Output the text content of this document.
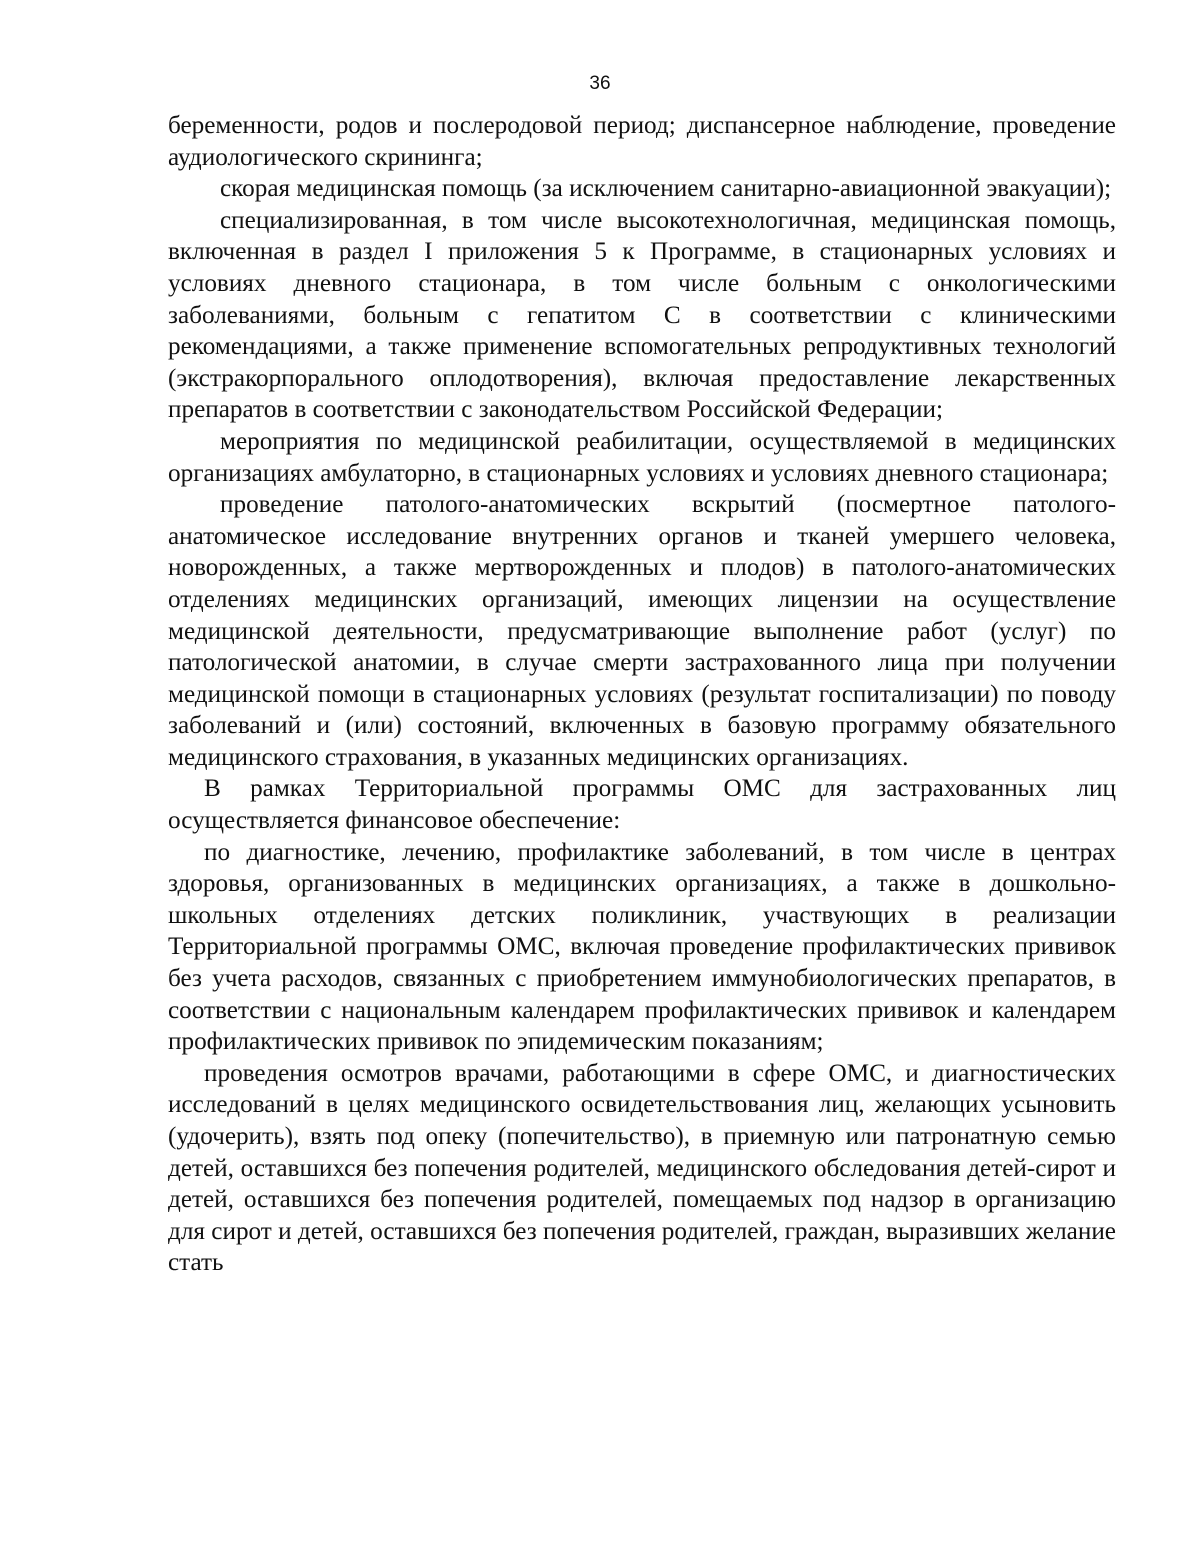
36

беременности, родов и послеродовой период; диспансерное наблюдение, проведение аудиологического скрининга;

скорая медицинская помощь (за исключением санитарно-авиационной эвакуации);

специализированная, в том числе высокотехнологичная, медицинская помощь, включенная в раздел I приложения 5 к Программе, в стационарных условиях и условиях дневного стационара, в том числе больным с онкологическими заболеваниями, больным с гепатитом С в соответствии с клиническими рекомендациями, а также применение вспомогательных репродуктивных технологий (экстракорпорального оплодотворения), включая предоставление лекарственных препаратов в соответствии с законодательством Российской Федерации;

мероприятия по медицинской реабилитации, осуществляемой в медицинских организациях амбулаторно, в стационарных условиях и условиях дневного стационара;

проведение патолого-анатомических вскрытий (посмертное патолого-анатомическое исследование внутренних органов и тканей умершего человека, новорожденных, а также мертворожденных и плодов) в патолого-анатомических отделениях медицинских организаций, имеющих лицензии на осуществление медицинской деятельности, предусматривающие выполнение работ (услуг) по патологической анатомии, в случае смерти застрахованного лица при получении медицинской помощи в стационарных условиях (результат госпитализации) по поводу заболеваний и (или) состояний, включенных в базовую программу обязательного медицинского страхования, в указанных медицинских организациях.

В рамках Территориальной программы ОМС для застрахованных лиц осуществляется финансовое обеспечение:

по диагностике, лечению, профилактике заболеваний, в том числе в центрах здоровья, организованных в медицинских организациях, а также в дошкольно-школьных отделениях детских поликлиник, участвующих в реализации Территориальной программы ОМС, включая проведение профилактических прививок без учета расходов, связанных с приобретением иммунобиологических препаратов, в соответствии с национальным календарем профилактических прививок и календарем профилактических прививок по эпидемическим показаниям;

проведения осмотров врачами, работающими в сфере ОМС, и диагностических исследований в целях медицинского освидетельствования лиц, желающих усыновить (удочерить), взять под опеку (попечительство), в приемную или патронатную семью детей, оставшихся без попечения родителей, медицинского обследования детей-сирот и детей, оставшихся без попечения родителей, помещаемых под надзор в организацию для сирот и детей, оставшихся без попечения родителей, граждан, выразивших желание стать
